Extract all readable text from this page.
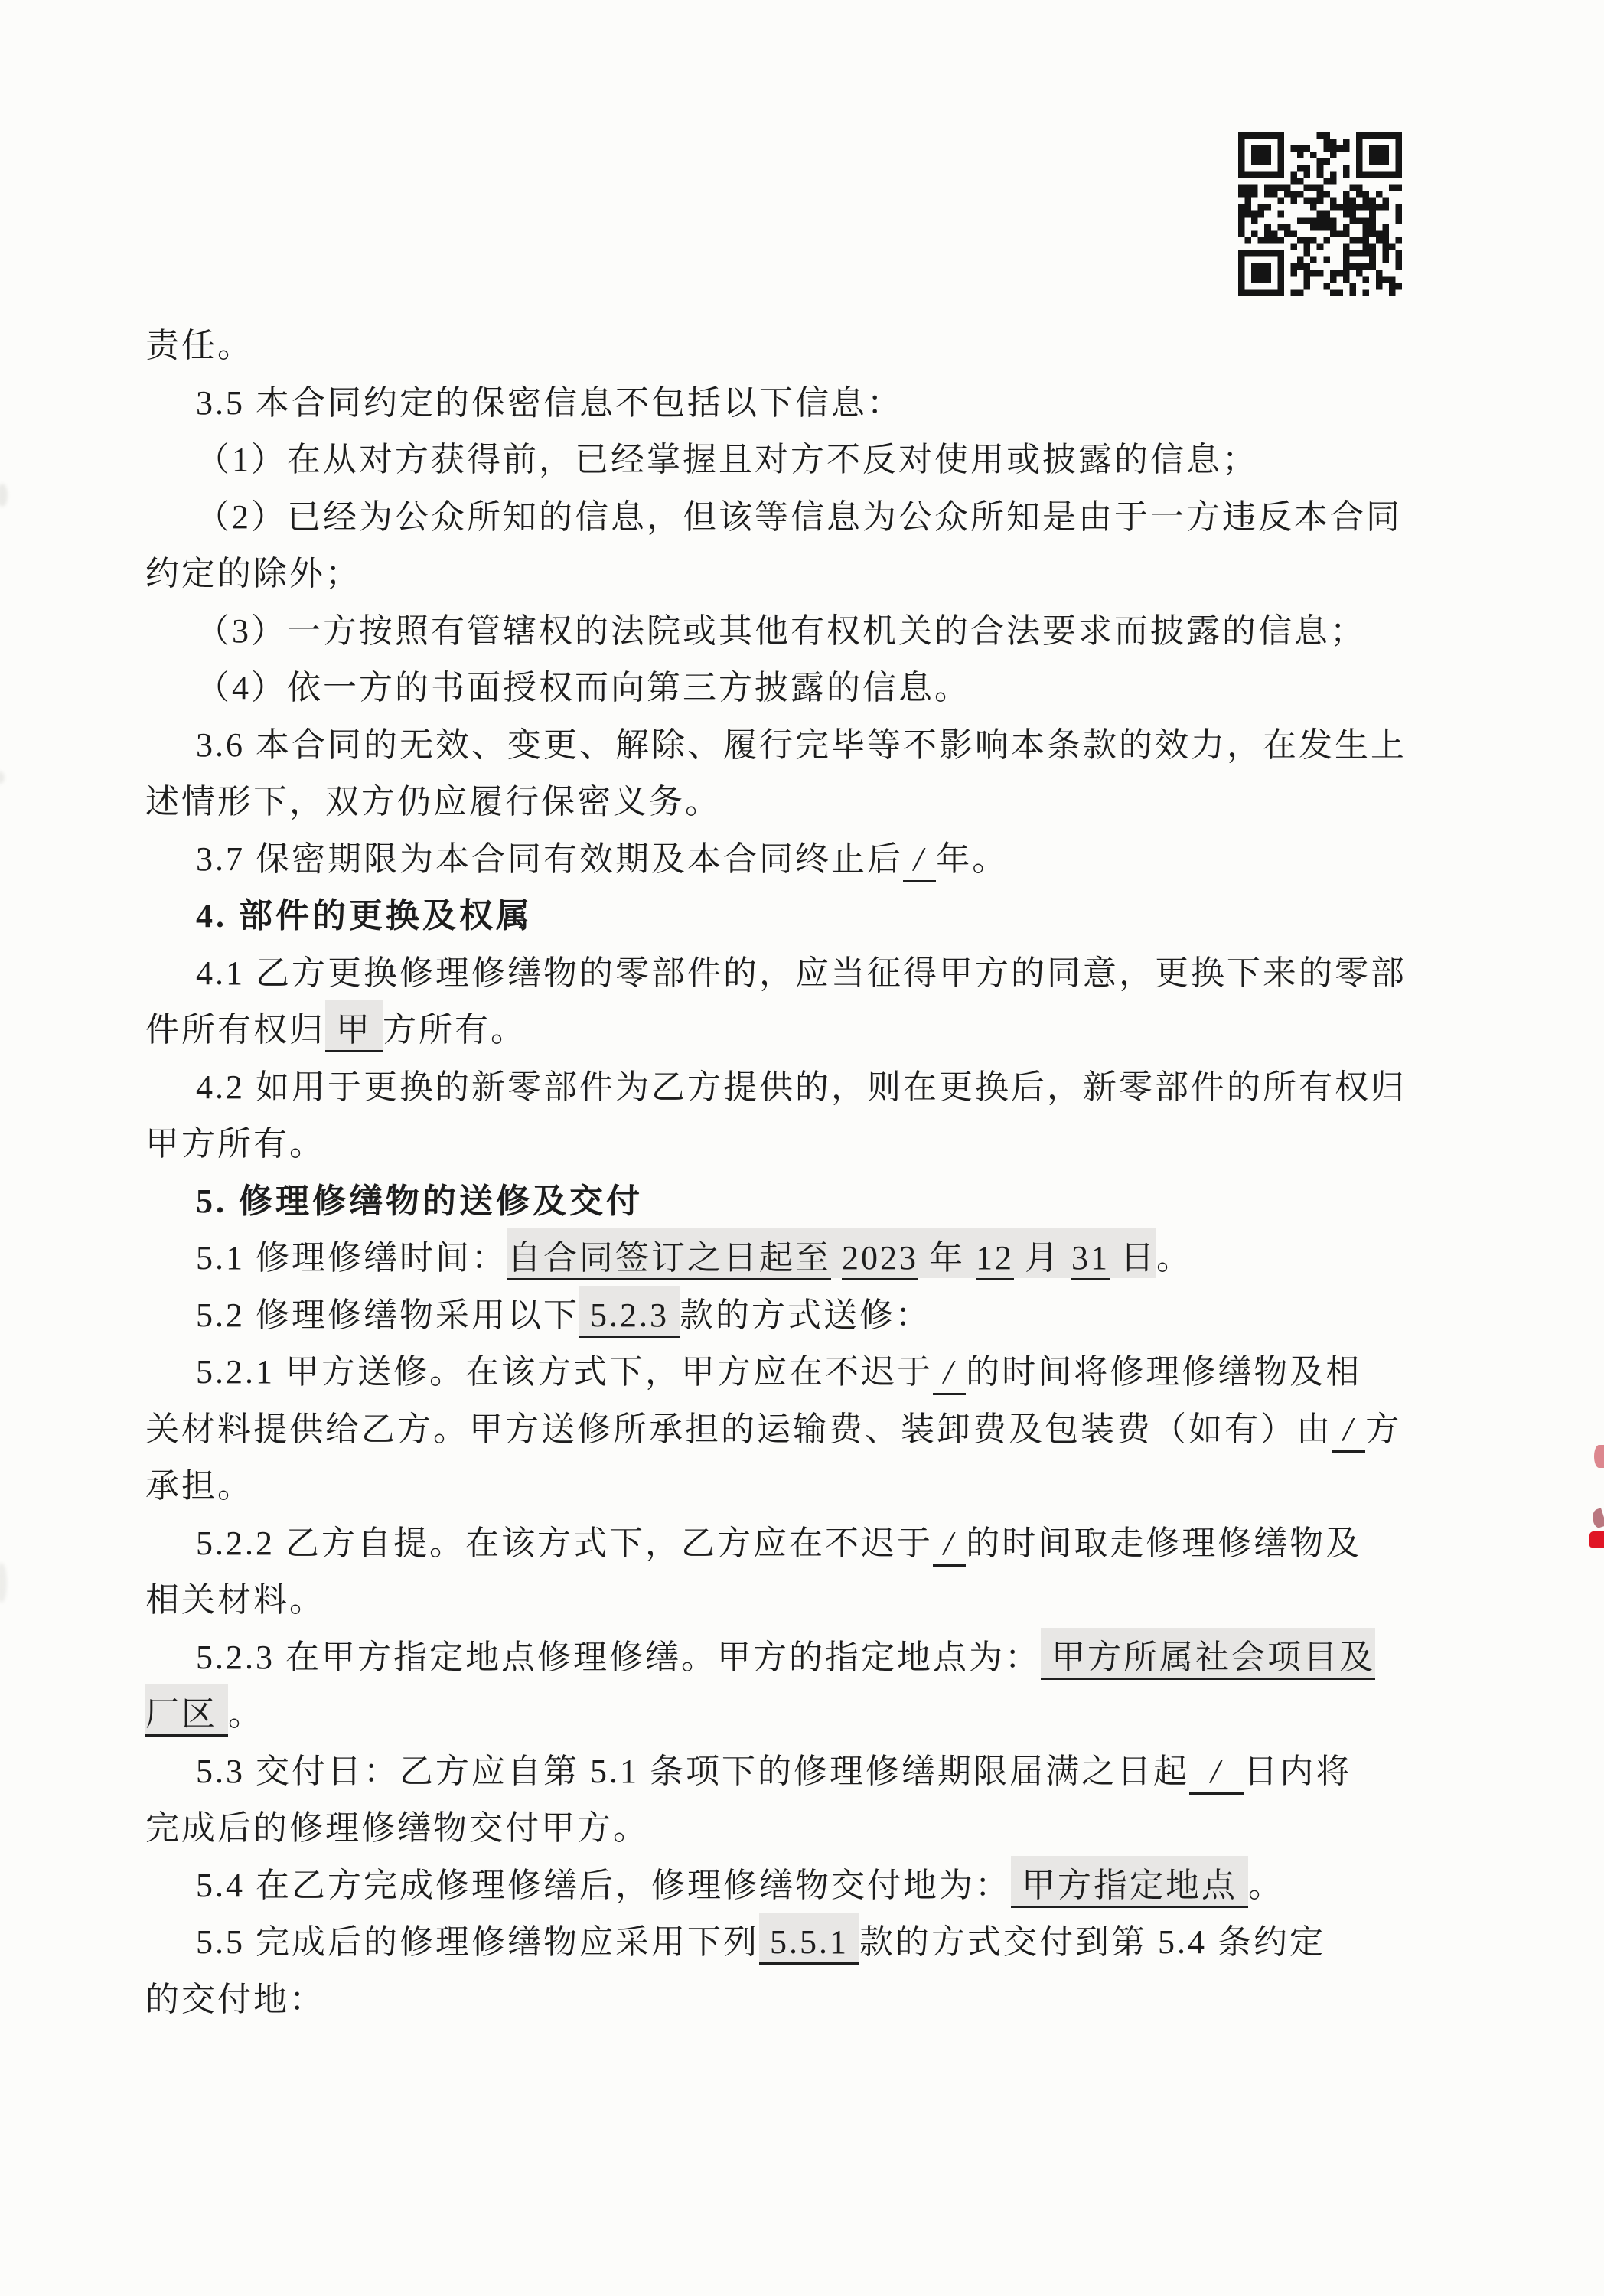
责任。
3.5 本合同约定的保密信息不包括以下信息：
（1）在从对方获得前，已经掌握且对方不反对使用或披露的信息；
（2）已经为公众所知的信息，但该等信息为公众所知是由于一方违反本合同
约定的除外；
（3）一方按照有管辖权的法院或其他有权机关的合法要求而披露的信息；
（4）依一方的书面授权而向第三方披露的信息。
3.6 本合同的无效、变更、解除、履行完毕等不影响本条款的效力，在发生上
述情形下，双方仍应履行保密义务。
3.7 保密期限为本合同有效期及本合同终止后 / 年。
4. 部件的更换及权属
4.1 乙方更换修理修缮物的零部件的，应当征得甲方的同意，更换下来的零部
件所有权归 甲 方所有。
4.2 如用于更换的新零部件为乙方提供的，则在更换后，新零部件的所有权归
甲方所有。
5. 修理修缮物的送修及交付
5.1 修理修缮时间：自合同签订之日起至 2023 年 12 月 31 日。
5.2 修理修缮物采用以下 5.2.3 款的方式送修：
5.2.1 甲方送修。在该方式下，甲方应在不迟于 / 的时间将修理修缮物及相
关材料提供给乙方。甲方送修所承担的运输费、装卸费及包装费（如有）由 / 方
承担。
5.2.2 乙方自提。在该方式下，乙方应在不迟于 / 的时间取走修理修缮物及
相关材料。
5.2.3 在甲方指定地点修理修缮。甲方的指定地点为： 甲方所属社会项目及
厂区 。
5.3 交付日：乙方应自第 5.1 条项下的修理修缮期限届满之日起  /  日内将
完成后的修理修缮物交付甲方。
5.4 在乙方完成修理修缮后，修理修缮物交付地为： 甲方指定地点 。
5.5 完成后的修理修缮物应采用下列 5.5.1 款的方式交付到第 5.4 条约定
的交付地：
